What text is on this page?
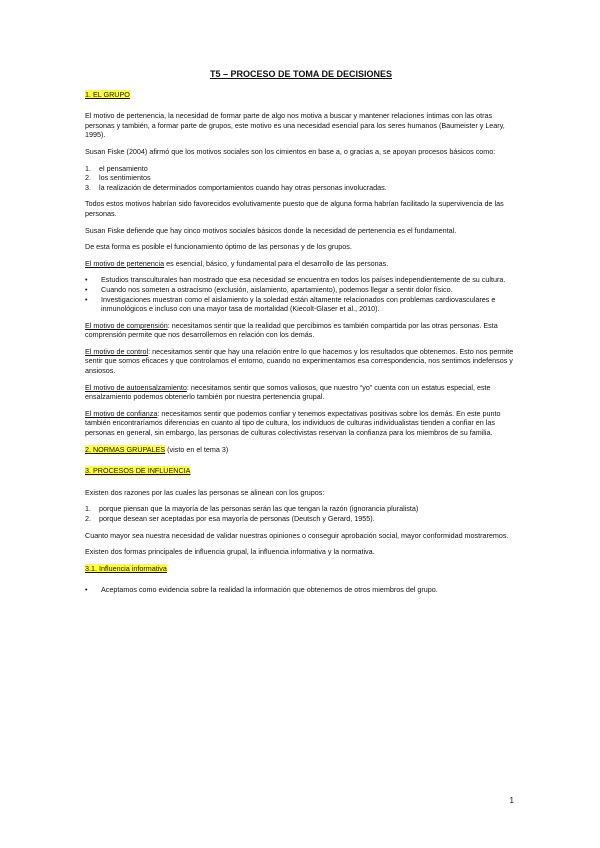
T5 – PROCESO DE TOMA DE DECISIONES
1. EL GRUPO

El motivo de pertenencia, la necesidad de formar parte de algo nos motiva a buscar y mantener relaciones íntimas con las otras personas y también, a formar parte de grupos, este motivo es una necesidad esencial para los seres humanos (Baumeister y Leary, 1995).

Susan Fiske (2004) afirmó que los motivos sociales son los cimientos en base a, o gracias a, se apoyan procesos básicos como:

1.	el pensamiento
2.	los sentimientos
3.	la realización de determinados comportamientos cuando hay otras personas involucradas.

Todos estos motivos habrían sido favorecidos evolutivamente puesto que de alguna forma habrían facilitado la supervivencia de las personas.

Susan Fiske defiende que hay cinco motivos sociales básicos donde la necesidad de pertenencia es el fundamental.

De esta forma es posible el funcionamiento óptimo de las personas y de los grupos.

El motivo de pertenencia es esencial, básico, y fundamental para el desarrollo de las personas.

•	Estudios transculturales han mostrado que esa necesidad se encuentra en todos los países independientemente de su cultura.
•	Cuando nos someten a ostracismo (exclusión, aislamiento, apartamiento), podemos llegar a sentir dolor físico.
•	Investigaciones muestran como el aislamiento y la soledad están altamente relacionados con problemas cardiovasculares e inmunológicos e incluso con una mayor tasa de mortalidad (Kiecolt-Glaser et al., 2010).

El motivo de comprensión: necesitamos sentir que la realidad que percibimos es también compartida por las otras personas. Esta comprensión permite que nos desarrollemos en relación con los demás.

El motivo de control: necesitamos sentir que hay una relación entre lo que hacemos y los resultados que obtenemos. Esto nos permite sentir que somos eficaces y que controlamos el entorno, cuando no experimentamos esa correspondencia, nos sentimos indefensos y ansiosos.

El motivo de autoensalzamiento: necesitamos sentir que somos valiosos, que nuestro “yo” cuenta con un estatus especial, este ensalzamiento podemos obtenerlo también por nuestra pertenencia grupal.

El motivo de confianza: necesitamos sentir que podemos confiar y tenemos expectativas positivas sobre los demás. En este punto también encontraríamos diferencias en cuanto al tipo de cultura, los individuos de culturas individualistas tienden a confiar en las personas en general, sin embargo, las personas de culturas colectivistas reservan la confianza para los miembros de su familia.

2. NORMAS GRUPALES (visto en el tema 3)
3. PROCESOS DE INFLUENCIA

Existen dos razones por las cuales las personas se alinean con los grupos:

1.	porque piensan que la mayoría de las personas serán las que tengan la razón (ignorancia pluralista)
2.	porque desean ser aceptadas por esa mayoría de personas (Deutsch y Gerard, 1955).

Cuanto mayor sea nuestra necesidad de validar nuestras opiniones o conseguir aprobación social, mayor conformidad mostraremos.

Existen dos formas principales de influencia grupal, la influencia informativa y la normativa.

3.1. Influencia informativa
•	Aceptamos como evidencia sobre la realidad la información que obtenemos de otros miembros del grupo.
1
